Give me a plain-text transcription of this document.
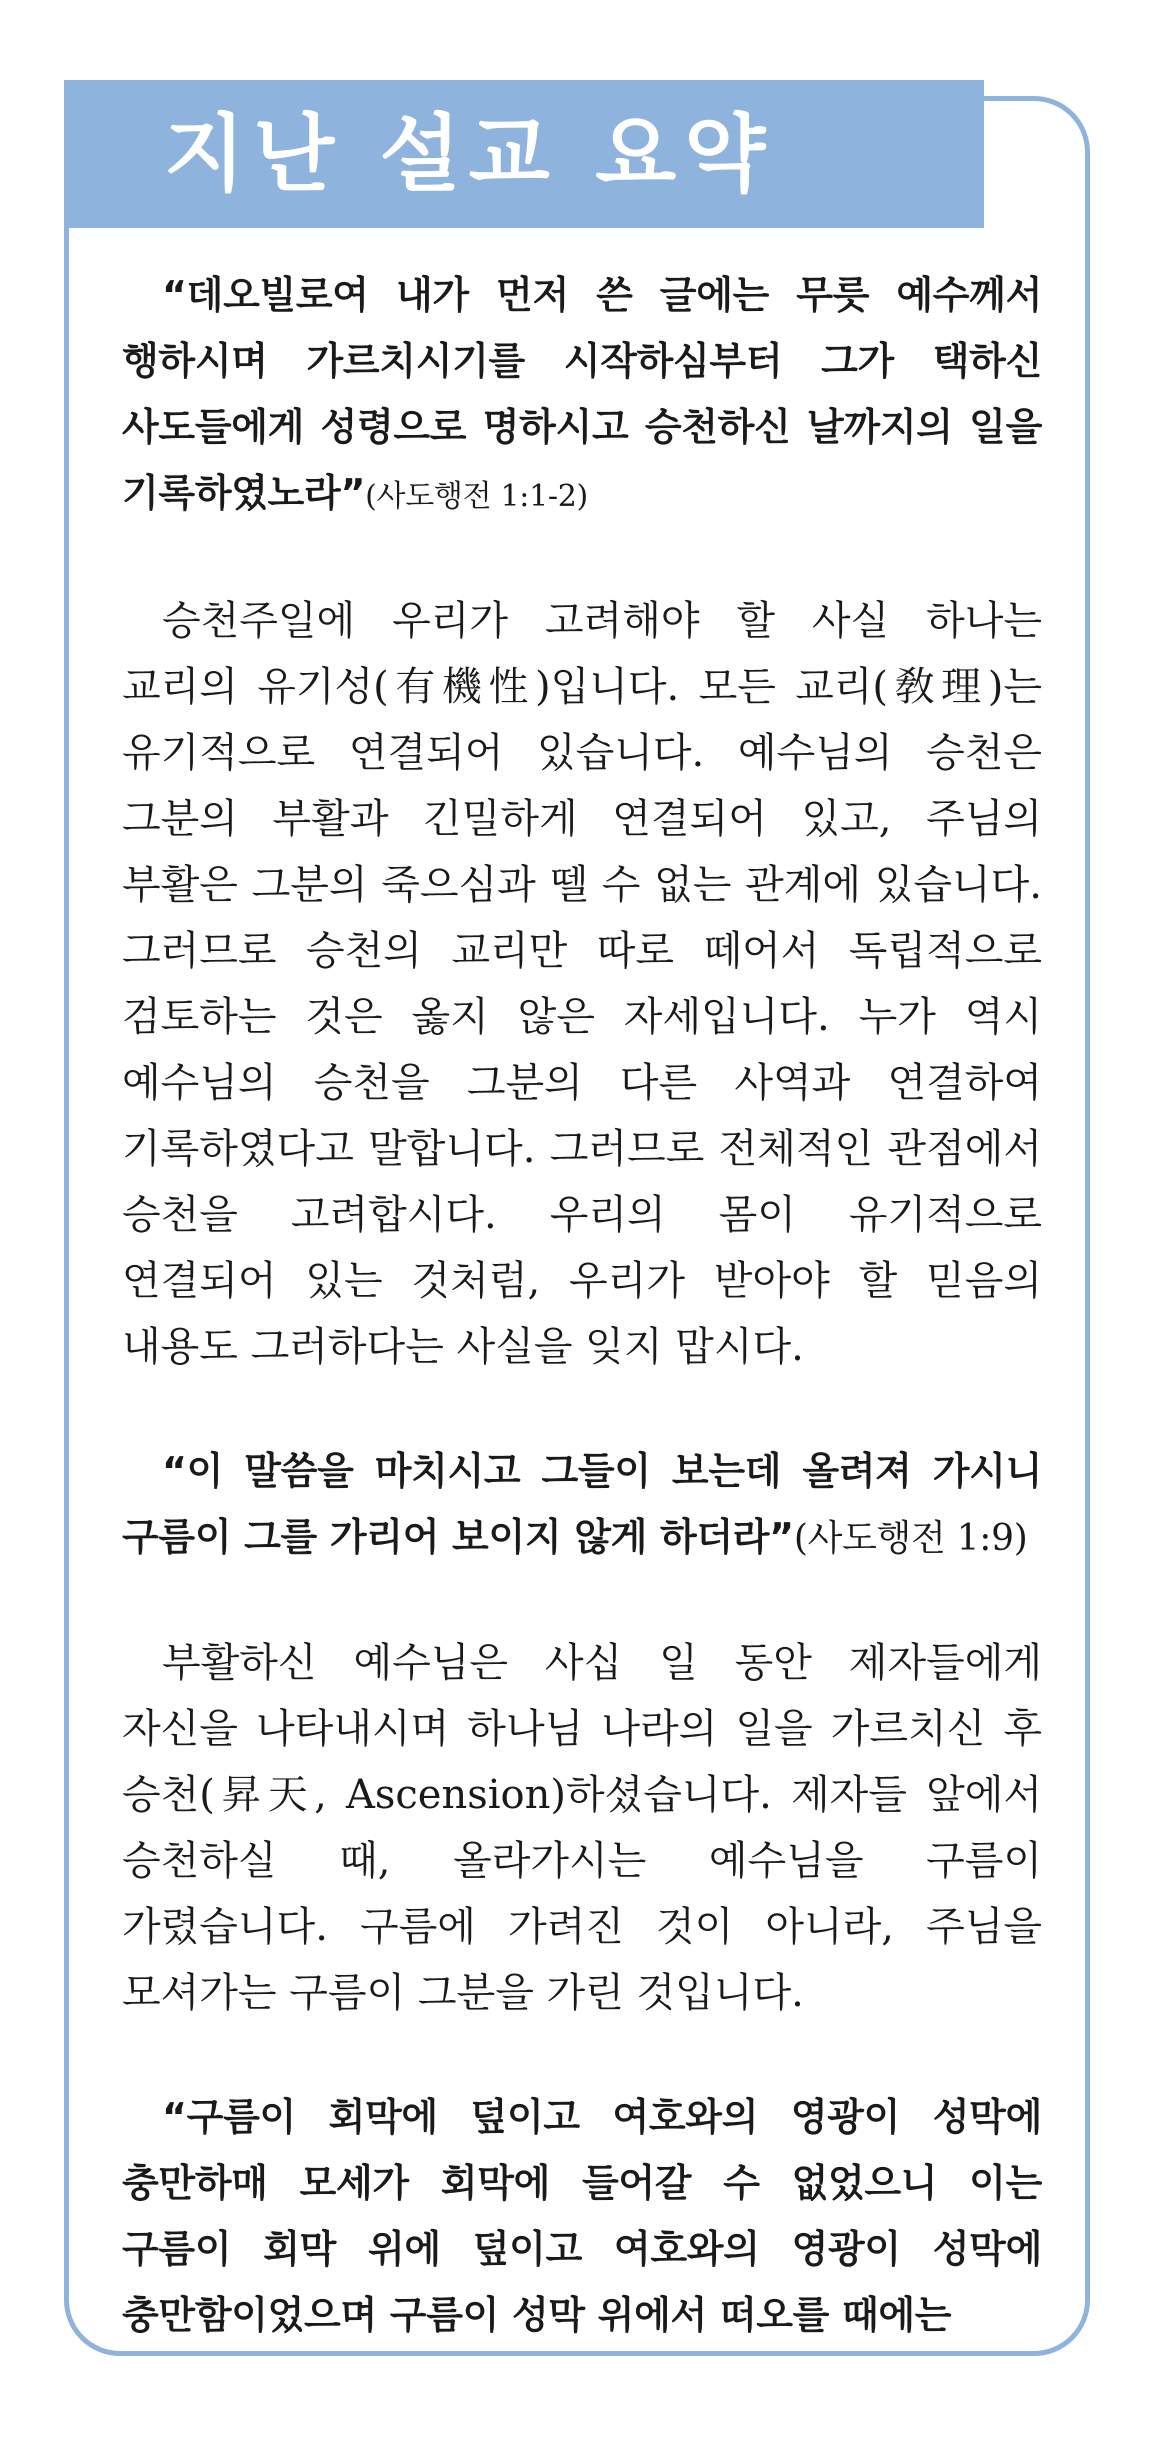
지난 설교 요약

“데오빌로여 내가 먼저 쓴 글에는 무릇 예수께서 행하시며 가르치시기를 시작하심부터 그가 택하신 사도들에게 성령으로 명하시고 승천하신 날까지의 일을 기록하였노라”(사도행전 1:1-2)

승천주일에 우리가 고려해야 할 사실 하나는 교리의 유기성(有機性)입니다. 모든 교리(敎理)는 유기적으로 연결되어 있습니다. 예수님의 승천은 그분의 부활과 긴밀하게 연결되어 있고, 주님의 부활은 그분의 죽으심과 뗄 수 없는 관계에 있습니다. 그러므로 승천의 교리만 따로 떼어서 독립적으로 검토하는 것은 옳지 않은 자세입니다. 누가 역시 예수님의 승천을 그분의 다른 사역과 연결하여 기록하였다고 말합니다. 그러므로 전체적인 관점에서 승천을 고려합시다. 우리의 몸이 유기적으로 연결되어 있는 것처럼, 우리가 받아야 할 믿음의 내용도 그러하다는 사실을 잊지 맙시다.

“이 말씀을 마치시고 그들이 보는데 올려져 가시니 구름이 그를 가리어 보이지 않게 하더라”(사도행전 1:9)

부활하신 예수님은 사십 일 동안 제자들에게 자신을 나타내시며 하나님 나라의 일을 가르치신 후 승천(昇天, Ascension)하셨습니다. 제자들 앞에서 승천하실 때, 올라가시는 예수님을 구름이 가렸습니다. 구름에 가려진 것이 아니라, 주님을 모셔가는 구름이 그분을 가린 것입니다.

“구름이 회막에 덮이고 여호와의 영광이 성막에 충만하매 모세가 회막에 들어갈 수 없었으니 이는 구름이 회막 위에 덮이고 여호와의 영광이 성막에 충만함이었으며 구름이 성막 위에서 떠오를 때에는
